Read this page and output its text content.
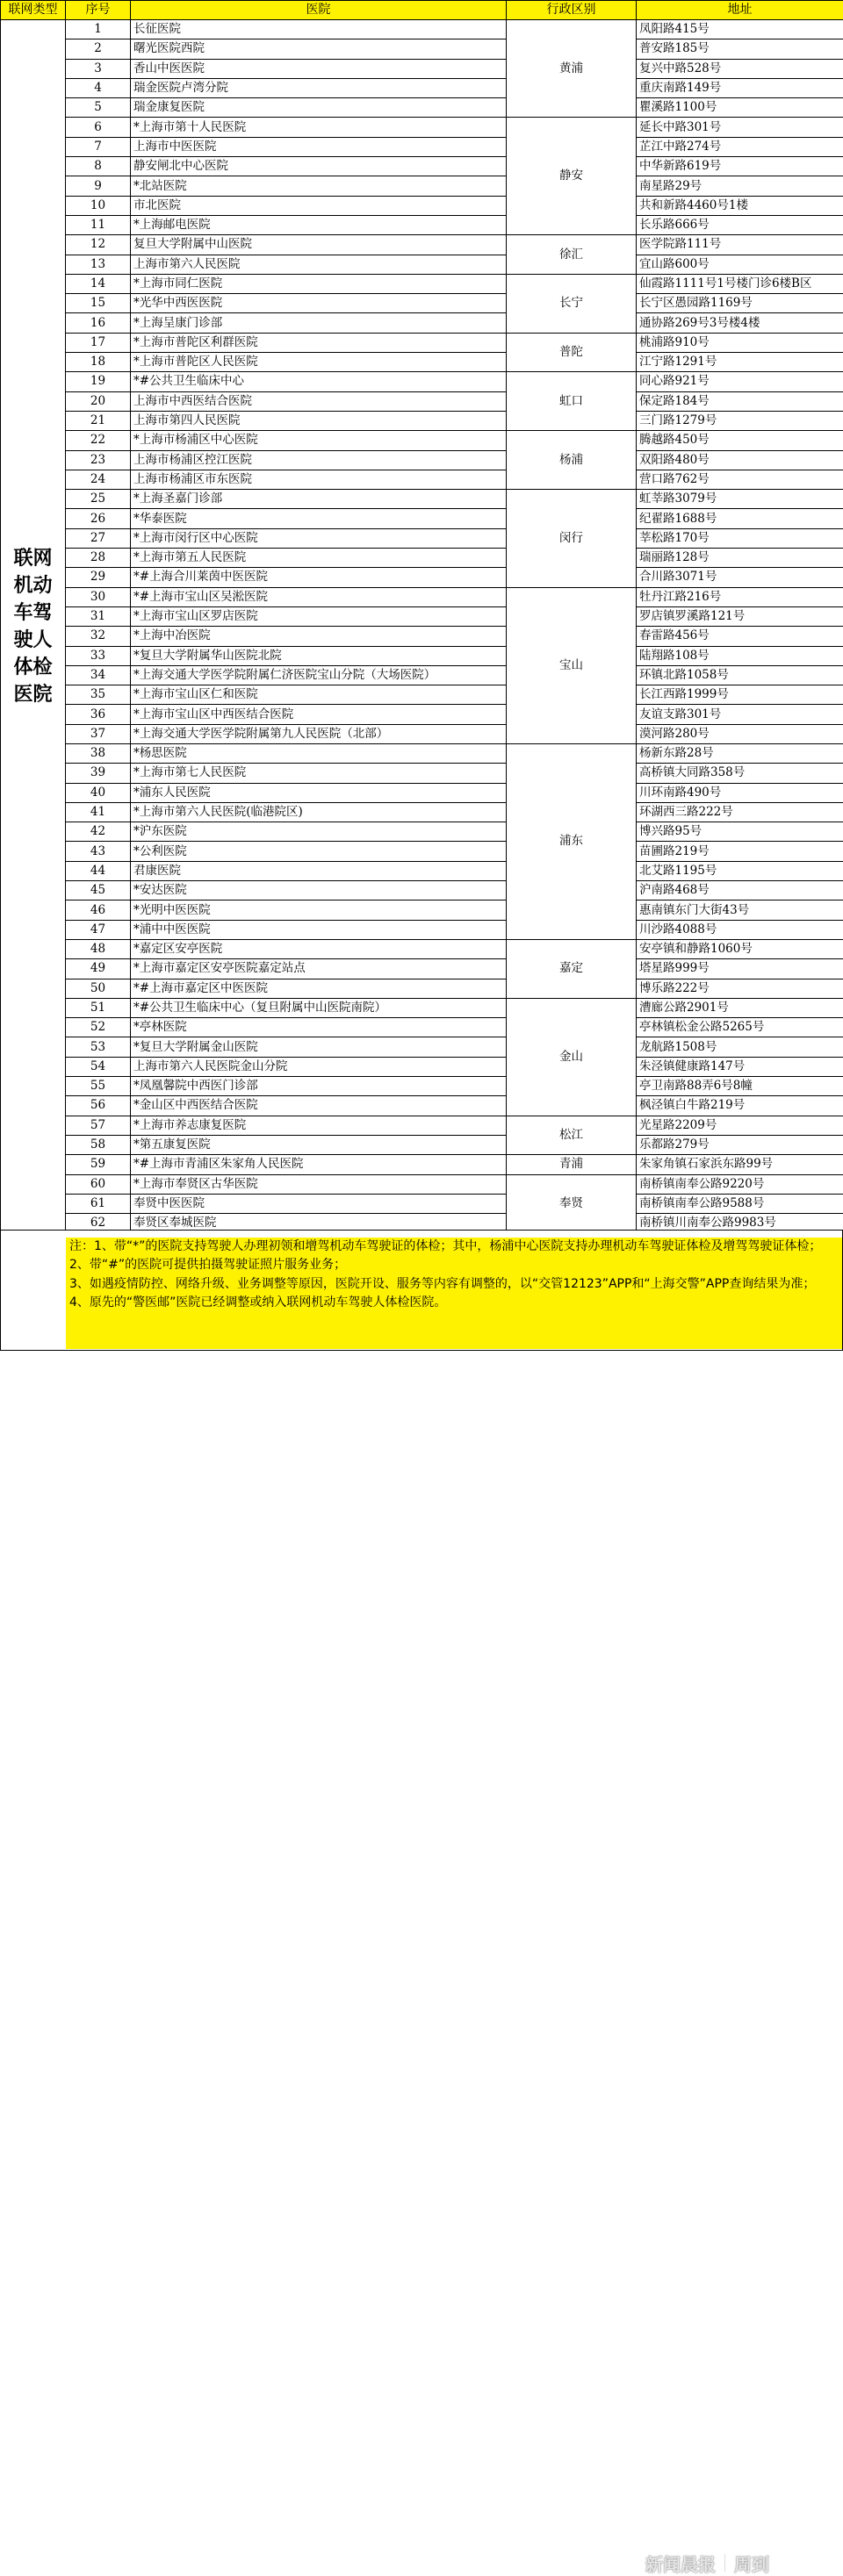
联网类型	序号	医院	行政区别	地址
联网机动车驾驶人体检医院	1	长征医院	黄浦	凤阳路415号
	2	曙光医院西院		普安路185号
	3	香山中医医院		复兴中路528号
	4	瑞金医院卢湾分院		重庆南路149号
	5	瑞金康复医院		瞿溪路1100号
	6	*上海市第十人民医院	静安	延长中路301号
	7	上海市中医医院		芷江中路274号
	8	静安闸北中心医院		中华新路619号
	9	*北站医院		南星路29号
	10	市北医院		共和新路4460号1楼
	11	*上海邮电医院		长乐路666号
	12	复旦大学附属中山医院	徐汇	医学院路111号
	13	上海市第六人民医院		宜山路600号
	14	*上海市同仁医院	长宁	仙霞路1111号1号楼门诊6楼B区
	15	*光华中西医医院		长宁区愚园路1169号
	16	*上海呈康门诊部		通协路269号3号楼4楼
	17	*上海市普陀区利群医院	普陀	桃浦路910号
	18	*上海市普陀区人民医院		江宁路1291号
	19	*#公共卫生临床中心	虹口	同心路921号
	20	上海市中西医结合医院		保定路184号
	21	上海市第四人民医院		三门路1279号
	22	*上海市杨浦区中心医院	杨浦	腾越路450号
	23	上海市杨浦区控江医院		双阳路480号
	24	上海市杨浦区市东医院		营口路762号
	25	*上海圣嘉门诊部	闵行	虹莘路3079号
	26	*华泰医院		纪翟路1688号
	27	*上海市闵行区中心医院		莘松路170号
	28	*上海市第五人民医院		瑞丽路128号
	29	*#上海合川莱茵中医医院		合川路3071号
	30	*#上海市宝山区吴淞医院	宝山	牡丹江路216号
	31	*上海市宝山区罗店医院		罗店镇罗溪路121号
	32	*上海中冶医院		春雷路456号
	33	*复旦大学附属华山医院北院		陆翔路108号
	34	*上海交通大学医学院附属仁济医院宝山分院（大场医院）		环镇北路1058号
	35	*上海市宝山区仁和医院		长江西路1999号
	36	*上海市宝山区中西医结合医院		友谊支路301号
	37	*上海交通大学医学院附属第九人民医院（北部）		漠河路280号
	38	*杨思医院	浦东	杨新东路28号
	39	*上海市第七人民医院		高桥镇大同路358号
	40	*浦东人民医院		川环南路490号
	41	*上海市第六人民医院(临港院区)		环湖西三路222号
	42	*沪东医院		博兴路95号
	43	*公利医院		苗圃路219号
	44	君康医院		北艾路1195号
	45	*安达医院		沪南路468号
	46	*光明中医医院		惠南镇东门大街43号
	47	*浦中中医医院		川沙路4088号
	48	*嘉定区安亭医院	嘉定	安亭镇和静路1060号
	49	*上海市嘉定区安亭医院嘉定站点		塔星路999号
	50	*#上海市嘉定区中医医院		博乐路222号
	51	*#公共卫生临床中心（复旦附属中山医院南院）	金山	漕廊公路2901号
	52	*亭林医院		亭林镇松金公路5265号
	53	*复旦大学附属金山医院		龙航路1508号
	54	上海市第六人民医院金山分院		朱泾镇健康路147号
	55	*凤凰馨院中西医门诊部		亭卫南路88弄6号8幢
	56	*金山区中西医结合医院		枫泾镇白牛路219号
	57	*上海市养志康复医院	松江	光星路2209号
	58	*第五康复医院		乐都路279号
	59	*#上海市青浦区朱家角人民医院	青浦	朱家角镇石家浜东路99号
	60	*上海市奉贤区古华医院	奉贤	南桥镇南奉公路9220号
	61	奉贤中医医院		南桥镇南奉公路9588号
	62	奉贤区奉城医院		南桥镇川南奉公路9983号
注：1、带“*”的医院支持驾驶人办理初领和增驾机动车驾驶证的体检；其中，杨浦中心医院支持办理机动车驾驶证体检及增驾驾驶证体检；
2、带“#”的医院可提供拍摄驾驶证照片服务业务；
3、如遇疫情防控、网络升级、业务调整等原因，医院开设、服务等内容有调整的，以“交管12123”APP和“上海交警”APP查询结果为准；
4、原先的“警医邮”医院已经调整或纳入联网机动车驾驶人体检医院。
新闻晨报 周到
